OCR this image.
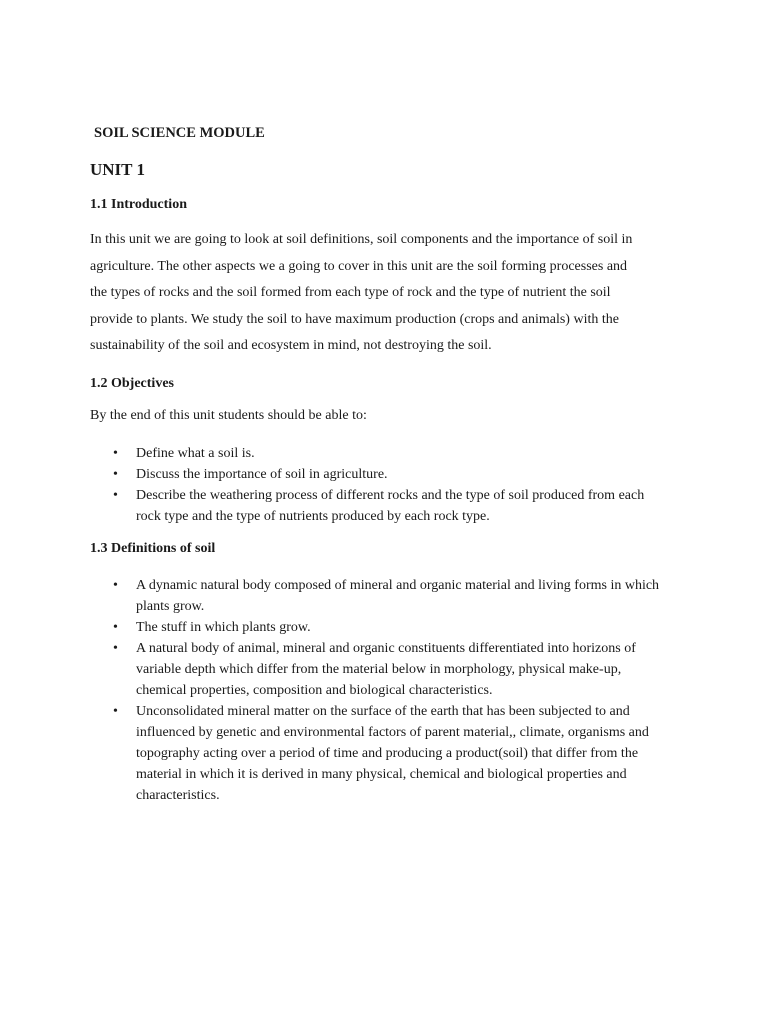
SOIL SCIENCE MODULE
UNIT 1
1.1 Introduction

In this unit we are going to look at soil definitions, soil components and the importance of soil in
agriculture. The other aspects we a going to cover in this unit are the soil forming processes and
the types of rocks and the soil formed from each type of rock and the type of nutrient the soil
provide to plants. We study the soil to have maximum production (crops and animals) with the
sustainability of the soil and ecosystem in mind, not destroying the soil.

1.2 Objectives

By the end of this unit students should be able to:

• Define what a soil is.
• Discuss the importance of soil in agriculture.
• Describe the weathering process of different rocks and the type of soil produced from each rock type and the type of nutrients produced by each rock type.
1.3 Definitions of soil
• A dynamic natural body composed of mineral and organic material and living forms in which plants grow.
• The stuff in which plants grow.
• A natural body of animal, mineral and organic constituents differentiated into horizons of variable depth which differ from the material below in morphology, physical make-up, chemical properties, composition and biological characteristics.
• Unconsolidated mineral matter on the surface of the earth that has been subjected to and influenced by genetic and environmental factors of parent material,, climate, organisms and topography acting over a period of time and producing a product(soil) that differ from the material in which it is derived in many physical, chemical and biological properties and characteristics.
